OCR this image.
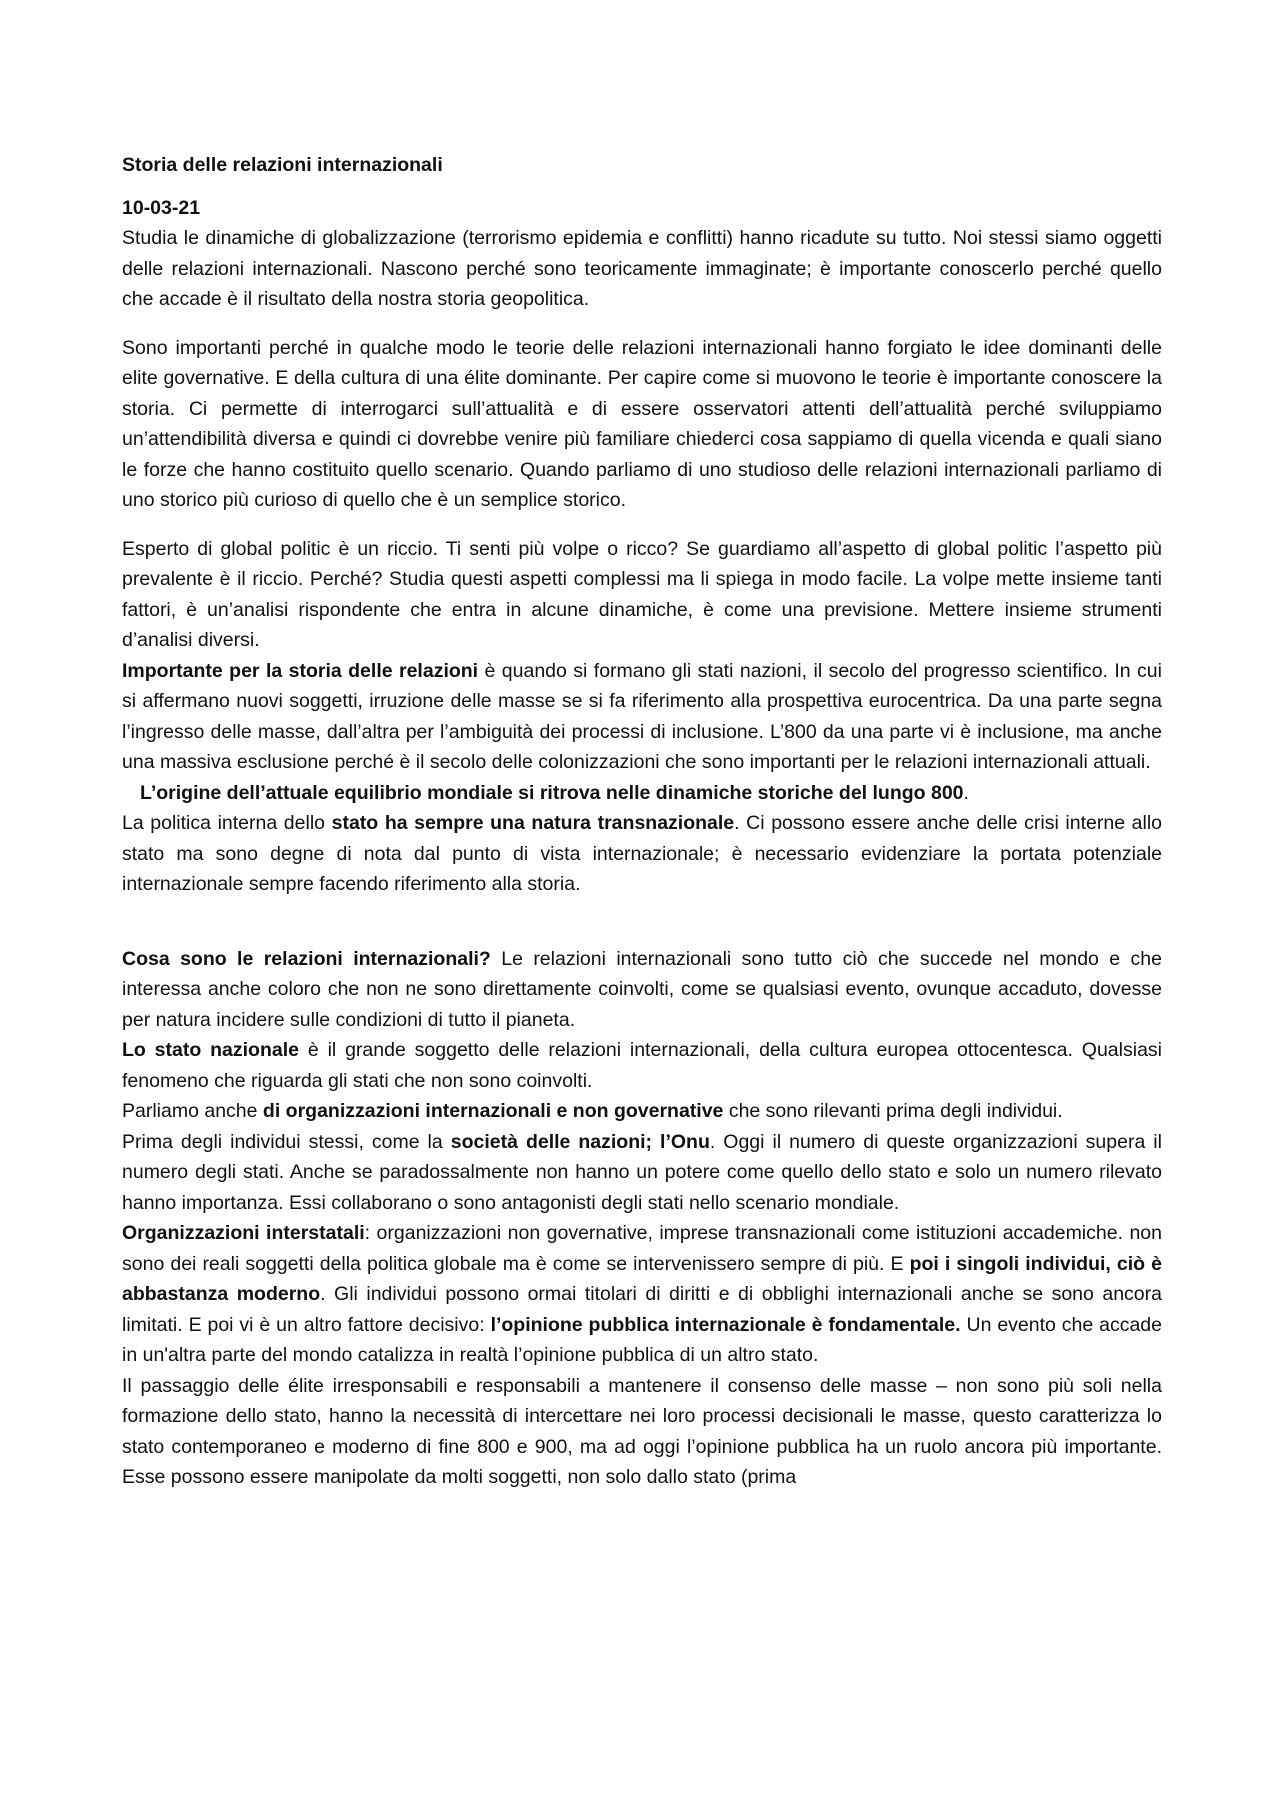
Storia delle relazioni internazionali
10-03-21

Studia le dinamiche di globalizzazione (terrorismo epidemia e conflitti) hanno ricadute su tutto. Noi stessi siamo oggetti delle relazioni internazionali. Nascono perché sono teoricamente immaginate; è importante conoscerlo perché quello che accade è il risultato della nostra storia geopolitica.

Sono importanti perché in qualche modo le teorie delle relazioni internazionali hanno forgiato le idee dominanti delle elite governative. E della cultura di una élite dominante. Per capire come si muovono le teorie è importante conoscere la storia. Ci permette di interrogarci sull’attualità e di essere osservatori attenti dell’attualità perché sviluppiamo un’attendibilità diversa e quindi ci dovrebbe venire più familiare chiederci cosa sappiamo di quella vicenda e quali siano le forze che hanno costituito quello scenario. Quando parliamo di uno studioso delle relazioni internazionali parliamo di uno storico più curioso di quello che è un semplice storico.

Esperto di global politic è un riccio. Ti senti più volpe o ricco? Se guardiamo all’aspetto di global politic l’aspetto più prevalente è il riccio. Perché? Studia questi aspetti complessi ma li spiega in modo facile. La volpe mette insieme tanti fattori, è un’analisi rispondente che entra in alcune dinamiche, è come una previsione. Mettere insieme strumenti d’analisi diversi.

Importante per la storia delle relazioni è quando si formano gli stati nazioni, il secolo del progresso scientifico. In cui si affermano nuovi soggetti, irruzione delle masse se si fa riferimento alla prospettiva eurocentrica. Da una parte segna l’ingresso delle masse, dall’altra per l’ambiguità dei processi di inclusione. L’800 da una parte vi è inclusione, ma anche una massiva esclusione perché è il secolo delle colonizzazioni che sono importanti per le relazioni internazionali attuali.

L’origine dell’attuale equilibrio mondiale si ritrova nelle dinamiche storiche del lungo 800.

La politica interna dello stato ha sempre una natura transnazionale. Ci possono essere anche delle crisi interne allo stato ma sono degne di nota dal punto di vista internazionale; è necessario evidenziare la portata potenziale internazionale sempre facendo riferimento alla storia.

Cosa sono le relazioni internazionali? Le relazioni internazionali sono tutto ciò che succede nel mondo e che interessa anche coloro che non ne sono direttamente coinvolti, come se qualsiasi evento, ovunque accaduto, dovesse per natura incidere sulle condizioni di tutto il pianeta.

Lo stato nazionale è il grande soggetto delle relazioni internazionali, della cultura europea ottocentesca. Qualsiasi fenomeno che riguarda gli stati che non sono coinvolti.

Parliamo anche di organizzazioni internazionali e non governative che sono rilevanti prima degli individui.

Prima degli individui stessi, come la società delle nazioni; l’Onu. Oggi il numero di queste organizzazioni supera il numero degli stati. Anche se paradossalmente non hanno un potere come quello dello stato e solo un numero rilevato hanno importanza. Essi collaborano o sono antagonisti degli stati nello scenario mondiale.

Organizzazioni interstatali: organizzazioni non governative, imprese transnazionali come istituzioni accademiche. non sono dei reali soggetti della politica globale ma è come se intervenissero sempre di più. E poi i singoli individui, ciò è abbastanza moderno. Gli individui possono ormai titolari di diritti e di obblighi internazionali anche se sono ancora limitati. E poi vi è un altro fattore decisivo: l’opinione pubblica internazionale è fondamentale. Un evento che accade in un'altra parte del mondo catalizza in realtà l’opinione pubblica di un altro stato.

Il passaggio delle élite irresponsabili e responsabili a mantenere il consenso delle masse – non sono più soli nella formazione dello stato, hanno la necessità di intercettare nei loro processi decisionali le masse, questo caratterizza lo stato contemporaneo e moderno di fine 800 e 900, ma ad oggi l’opinione pubblica ha un ruolo ancora più importante. Esse possono essere manipolate da molti soggetti, non solo dallo stato (prima
